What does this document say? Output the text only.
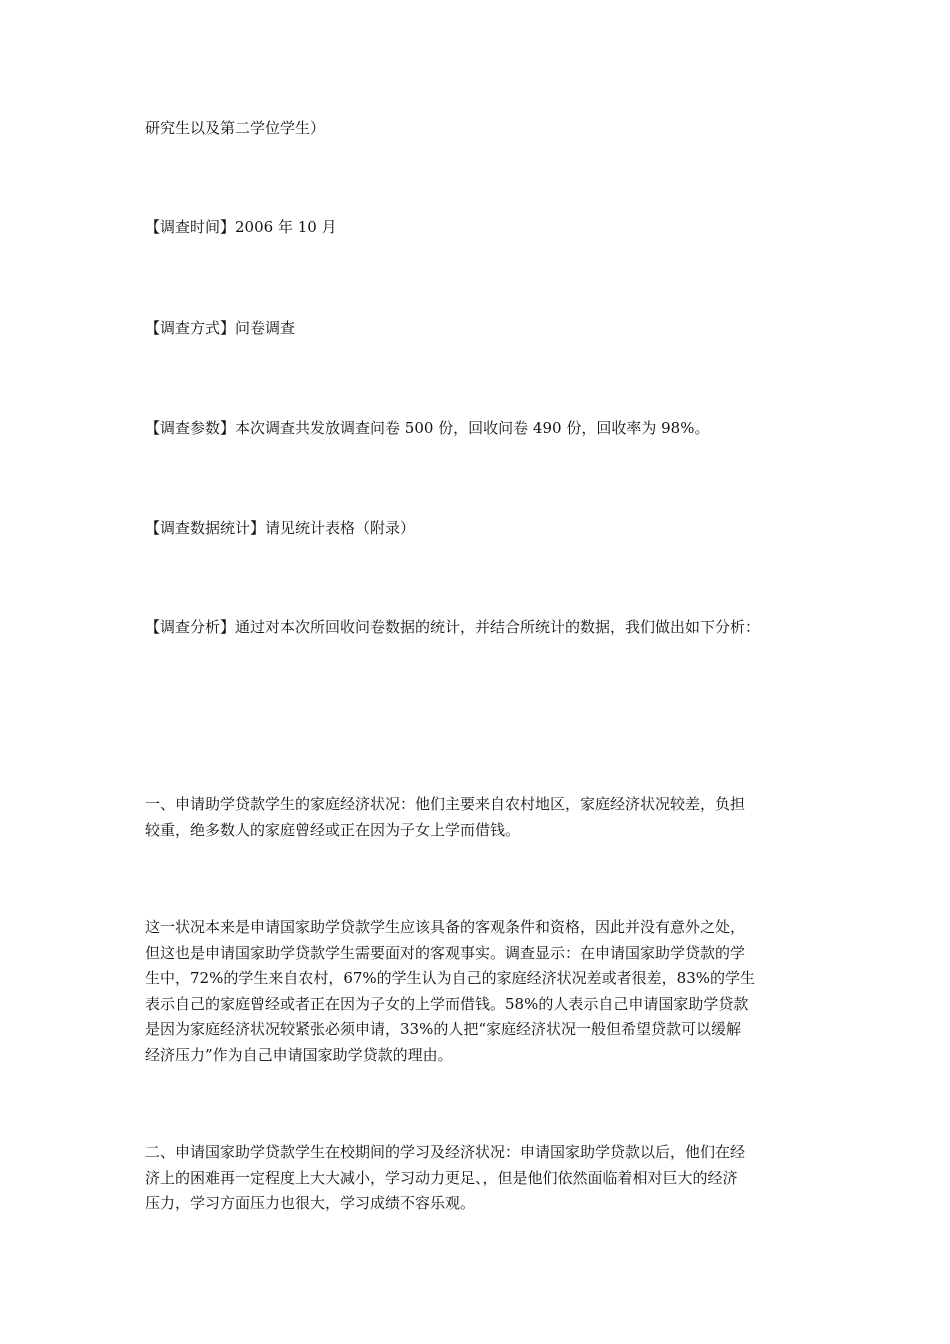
研究生以及第二学位学生）
【调查时间】2006 年 10 月
【调查方式】问卷调查
【调查参数】本次调查共发放调查问卷 500 份，回收问卷 490 份，回收率为 98%。
【调查数据统计】请见统计表格（附录）
【调查分析】通过对本次所回收问卷数据的统计，并结合所统计的数据，我们做出如下分析：
一、申请助学贷款学生的家庭经济状况：他们主要来自农村地区，家庭经济状况较差，负担
较重，绝多数人的家庭曾经或正在因为子女上学而借钱。
这一状况本来是申请国家助学贷款学生应该具备的客观条件和资格，因此并没有意外之处，
但这也是申请国家助学贷款学生需要面对的客观事实。调查显示：在申请国家助学贷款的学
生中，72%的学生来自农村，67%的学生认为自己的家庭经济状况差或者很差，83%的学生
表示自己的家庭曾经或者正在因为子女的上学而借钱。58%的人表示自己申请国家助学贷款
是因为家庭经济状况较紧张必须申请，33%的人把“家庭经济状况一般但希望贷款可以缓解
经济压力”作为自己申请国家助学贷款的理由。
二、申请国家助学贷款学生在校期间的学习及经济状况：申请国家助学贷款以后，他们在经
济上的困难再一定程度上大大减小，学习动力更足、，但是他们依然面临着相对巨大的经济
压力，学习方面压力也很大，学习成绩不容乐观。
